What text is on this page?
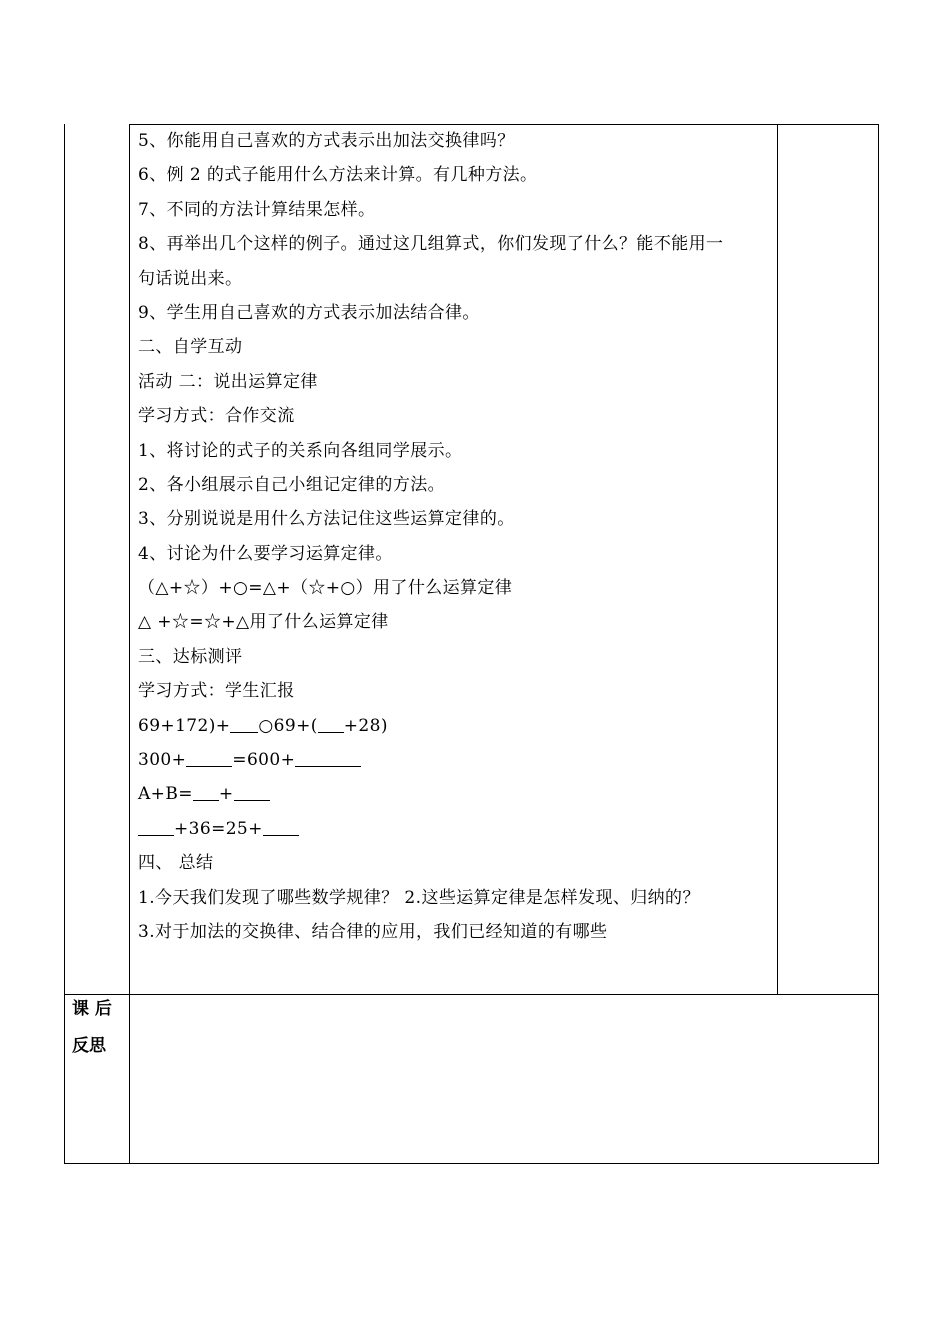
5、你能用自己喜欢的方式表示出加法交换律吗？
6、例 2 的式子能用什么方法来计算。有几种方法。
7、不同的方法计算结果怎样。
8、再举出几个这样的例子。通过这几组算式，你们发现了什么？能不能用一
句话说出来。
9、学生用自己喜欢的方式表示加法结合律。
二、自学互动
活动 二：说出运算定律
学习方式：合作交流
1、将讨论的式子的关系向各组同学展示。
2、各小组展示自己小组记定律的方法。
3、分别说说是用什么方法记住这些运算定律的。
4、讨论为什么要学习运算定律。
（△+☆）+○=△+（☆+○）用了什么运算定律
△ +☆=☆+△用了什么运算定律
三、达标测评
学习方式：学生汇报
69+172)+ ○69+( +28)
300+	=600+
A+B= +
+36=25+
四、 总结
1.今天我们发现了哪些数学规律？ 2.这些运算定律是怎样发现、归纳的？
3.对于加法的交换律、结合律的应用，我们已经知道的有哪些
课 后
反思
